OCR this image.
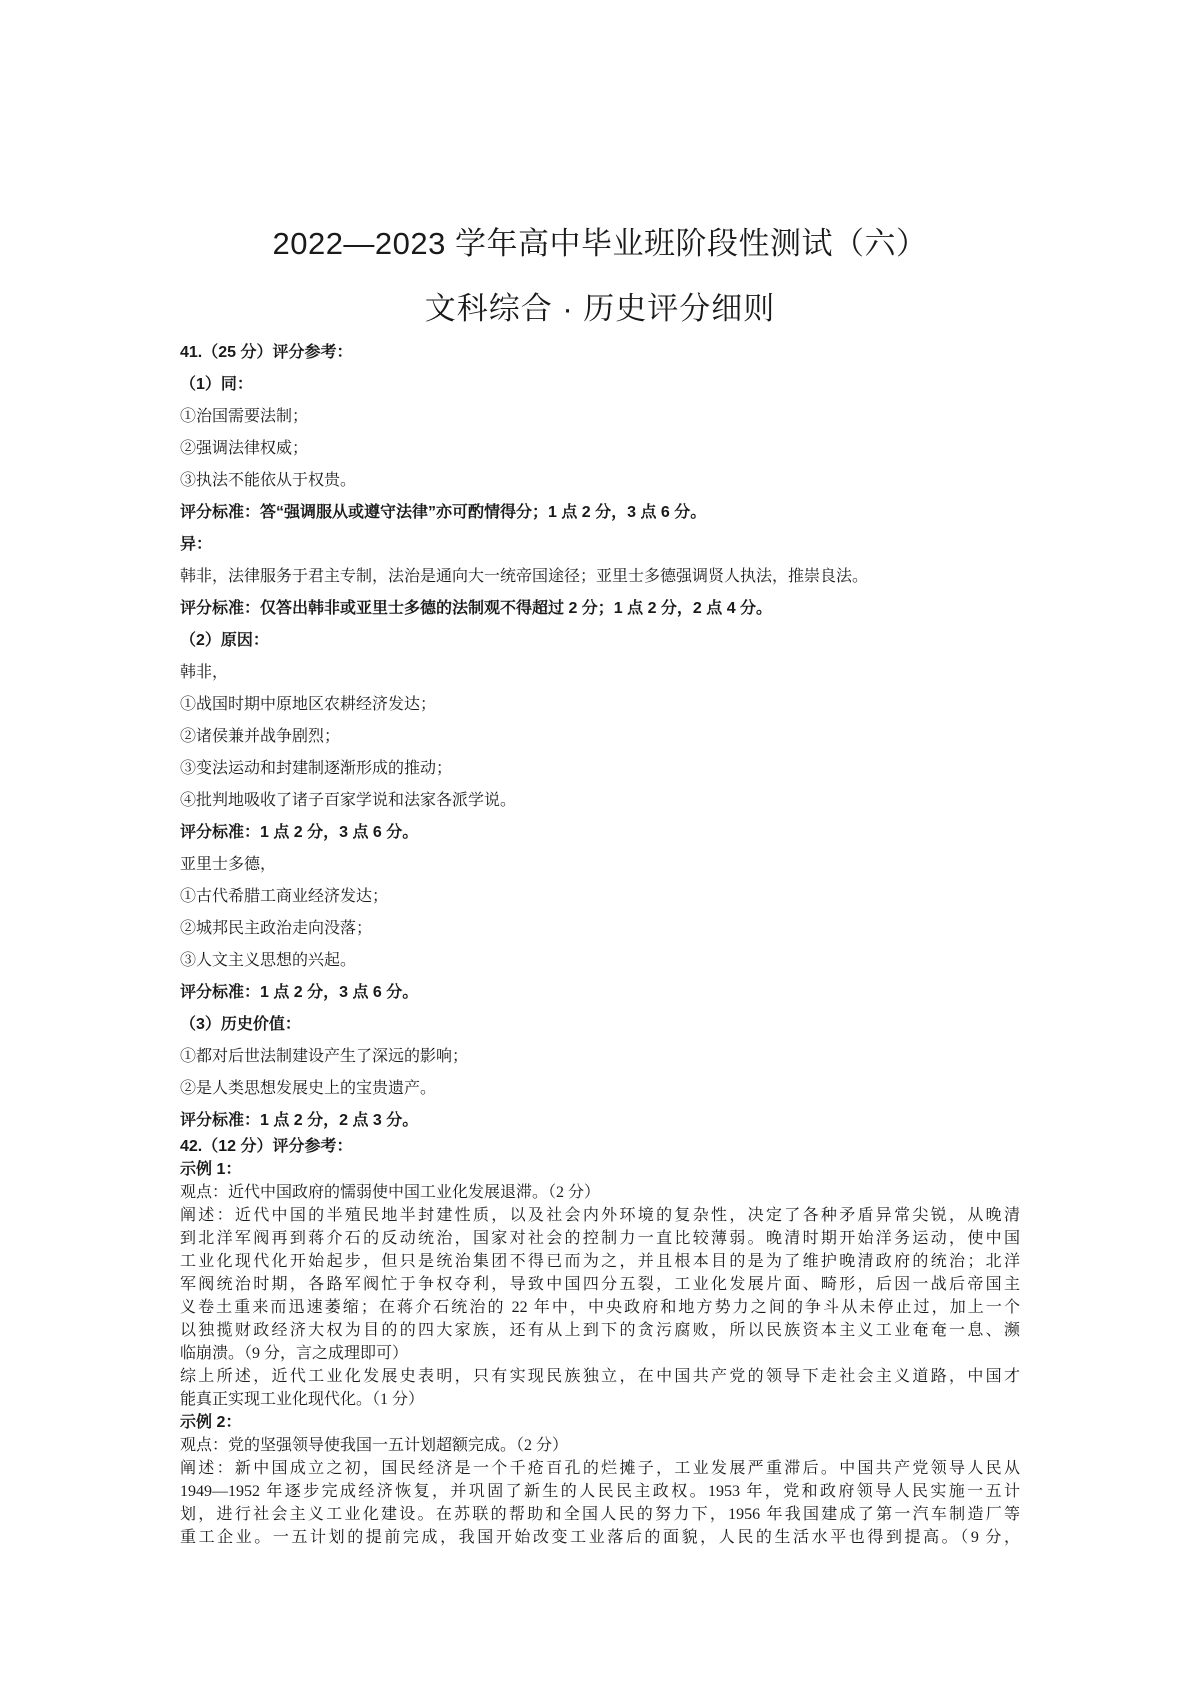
2022—2023 学年高中毕业班阶段性测试（六）
文科综合 · 历史评分细则
41.（25 分）评分参考：
（1）同：
①治国需要法制；
②强调法律权威；
③执法不能依从于权贵。
评分标准：答“强调服从或遵守法律”亦可酌情得分；1 点 2 分，3 点 6 分。
异：
韩非，法律服务于君主专制，法治是通向大一统帝国途径；亚里士多德强调贤人执法，推崇良法。
评分标准：仅答出韩非或亚里士多德的法制观不得超过 2 分；1 点 2 分，2 点 4 分。
（2）原因：
韩非，
①战国时期中原地区农耕经济发达；
②诸侯兼并战争剧烈；
③变法运动和封建制逐渐形成的推动；
④批判地吸收了诸子百家学说和法家各派学说。
评分标准：1 点 2 分，3 点 6 分。
亚里士多德，
①古代希腊工商业经济发达；
②城邦民主政治走向没落；
③人文主义思想的兴起。
评分标准：1 点 2 分，3 点 6 分。
（3）历史价值：
①都对后世法制建设产生了深远的影响；
②是人类思想发展史上的宝贵遗产。
评分标准：1 点 2 分，2 点 3 分。
42.（12 分）评分参考：
示例 1：
观点：近代中国政府的懦弱使中国工业化发展退滞。（2 分）
阐述：近代中国的半殖民地半封建性质，以及社会内外环境的复杂性，决定了各种矛盾异常尖锐，从晚清
到北洋军阀再到蒋介石的反动统治，国家对社会的控制力一直比较薄弱。晚清时期开始洋务运动，使中国
工业化现代化开始起步，但只是统治集团不得已而为之，并且根本目的是为了维护晚清政府的统治；北洋
军阀统治时期，各路军阀忙于争权夺利，导致中国四分五裂，工业化发展片面、畸形，后因一战后帝国主
义卷土重来而迅速萎缩；在蒋介石统治的 22 年中，中央政府和地方势力之间的争斗从未停止过，加上一个
以独揽财政经济大权为目的的四大家族，还有从上到下的贪污腐败，所以民族资本主义工业奄奄一息、濒
临崩溃。（9 分，言之成理即可）
综上所述，近代工业化发展史表明，只有实现民族独立，在中国共产党的领导下走社会主义道路，中国才
能真正实现工业化现代化。（1 分）
示例 2：
观点：党的坚强领导使我国一五计划超额完成。（2 分）
阐述：新中国成立之初，国民经济是一个千疮百孔的烂摊子，工业发展严重滞后。中国共产党领导人民从
1949—1952 年逐步完成经济恢复，并巩固了新生的人民民主政权。1953 年，党和政府领导人民实施一五计
划，进行社会主义工业化建设。在苏联的帮助和全国人民的努力下，1956 年我国建成了第一汽车制造厂等
重工企业。一五计划的提前完成，我国开始改变工业落后的面貌，人民的生活水平也得到提高。（9 分，
